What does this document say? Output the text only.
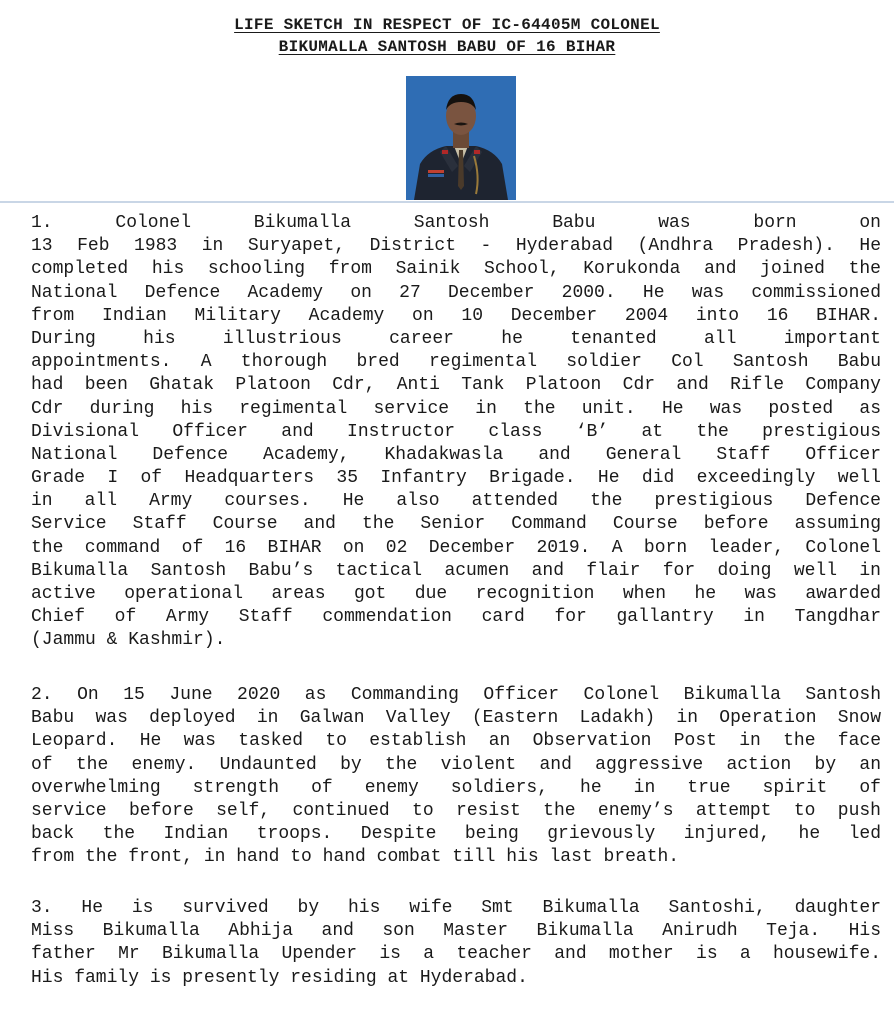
LIFE SKETCH IN RESPECT OF IC-64405M COLONEL
BIKUMALLA SANTOSH BABU OF 16 BIHAR
1. Colonel Bikumalla Santosh Babu was born on
13 Feb 1983 in Suryapet, District - Hyderabad (Andhra Pradesh). He
completed his schooling from Sainik School, Korukonda and joined the
National Defence Academy on 27 December 2000. He was commissioned
from Indian Military Academy on 10 December 2004 into 16 BIHAR.
During his illustrious career he tenanted all important
appointments. A thorough bred regimental soldier Col Santosh Babu
had been Ghatak Platoon Cdr, Anti Tank Platoon Cdr and Rifle Company
Cdr during his regimental service in the unit. He was posted as
Divisional Officer and Instructor class ‘B’ at the prestigious
National Defence Academy, Khadakwasla and General Staff Officer
Grade I of Headquarters 35 Infantry Brigade. He did exceedingly well
in all Army courses. He also attended the prestigious Defence
Service Staff Course and the Senior Command Course before assuming
the command of 16 BIHAR on 02 December 2019. A born leader, Colonel
Bikumalla Santosh Babu’s tactical acumen and flair for doing well in
active operational areas got due recognition when he was awarded
Chief of Army Staff commendation card for gallantry in Tangdhar
(Jammu & Kashmir).
2. On 15 June 2020 as Commanding Officer Colonel Bikumalla Santosh
Babu was deployed in Galwan Valley (Eastern Ladakh) in Operation Snow
Leopard. He was tasked to establish an Observation Post in the face
of the enemy. Undaunted by the violent and aggressive action by an
overwhelming strength of enemy soldiers, he in true spirit of
service before self, continued to resist the enemy’s attempt to push
back the Indian troops. Despite being grievously injured, he led
from the front, in hand to hand combat till his last breath.
3. He is survived by his wife Smt Bikumalla Santoshi, daughter
Miss Bikumalla Abhija and son Master Bikumalla Anirudh Teja. His
father Mr Bikumalla Upender is a teacher and mother is a housewife.
His family is presently residing at Hyderabad.
